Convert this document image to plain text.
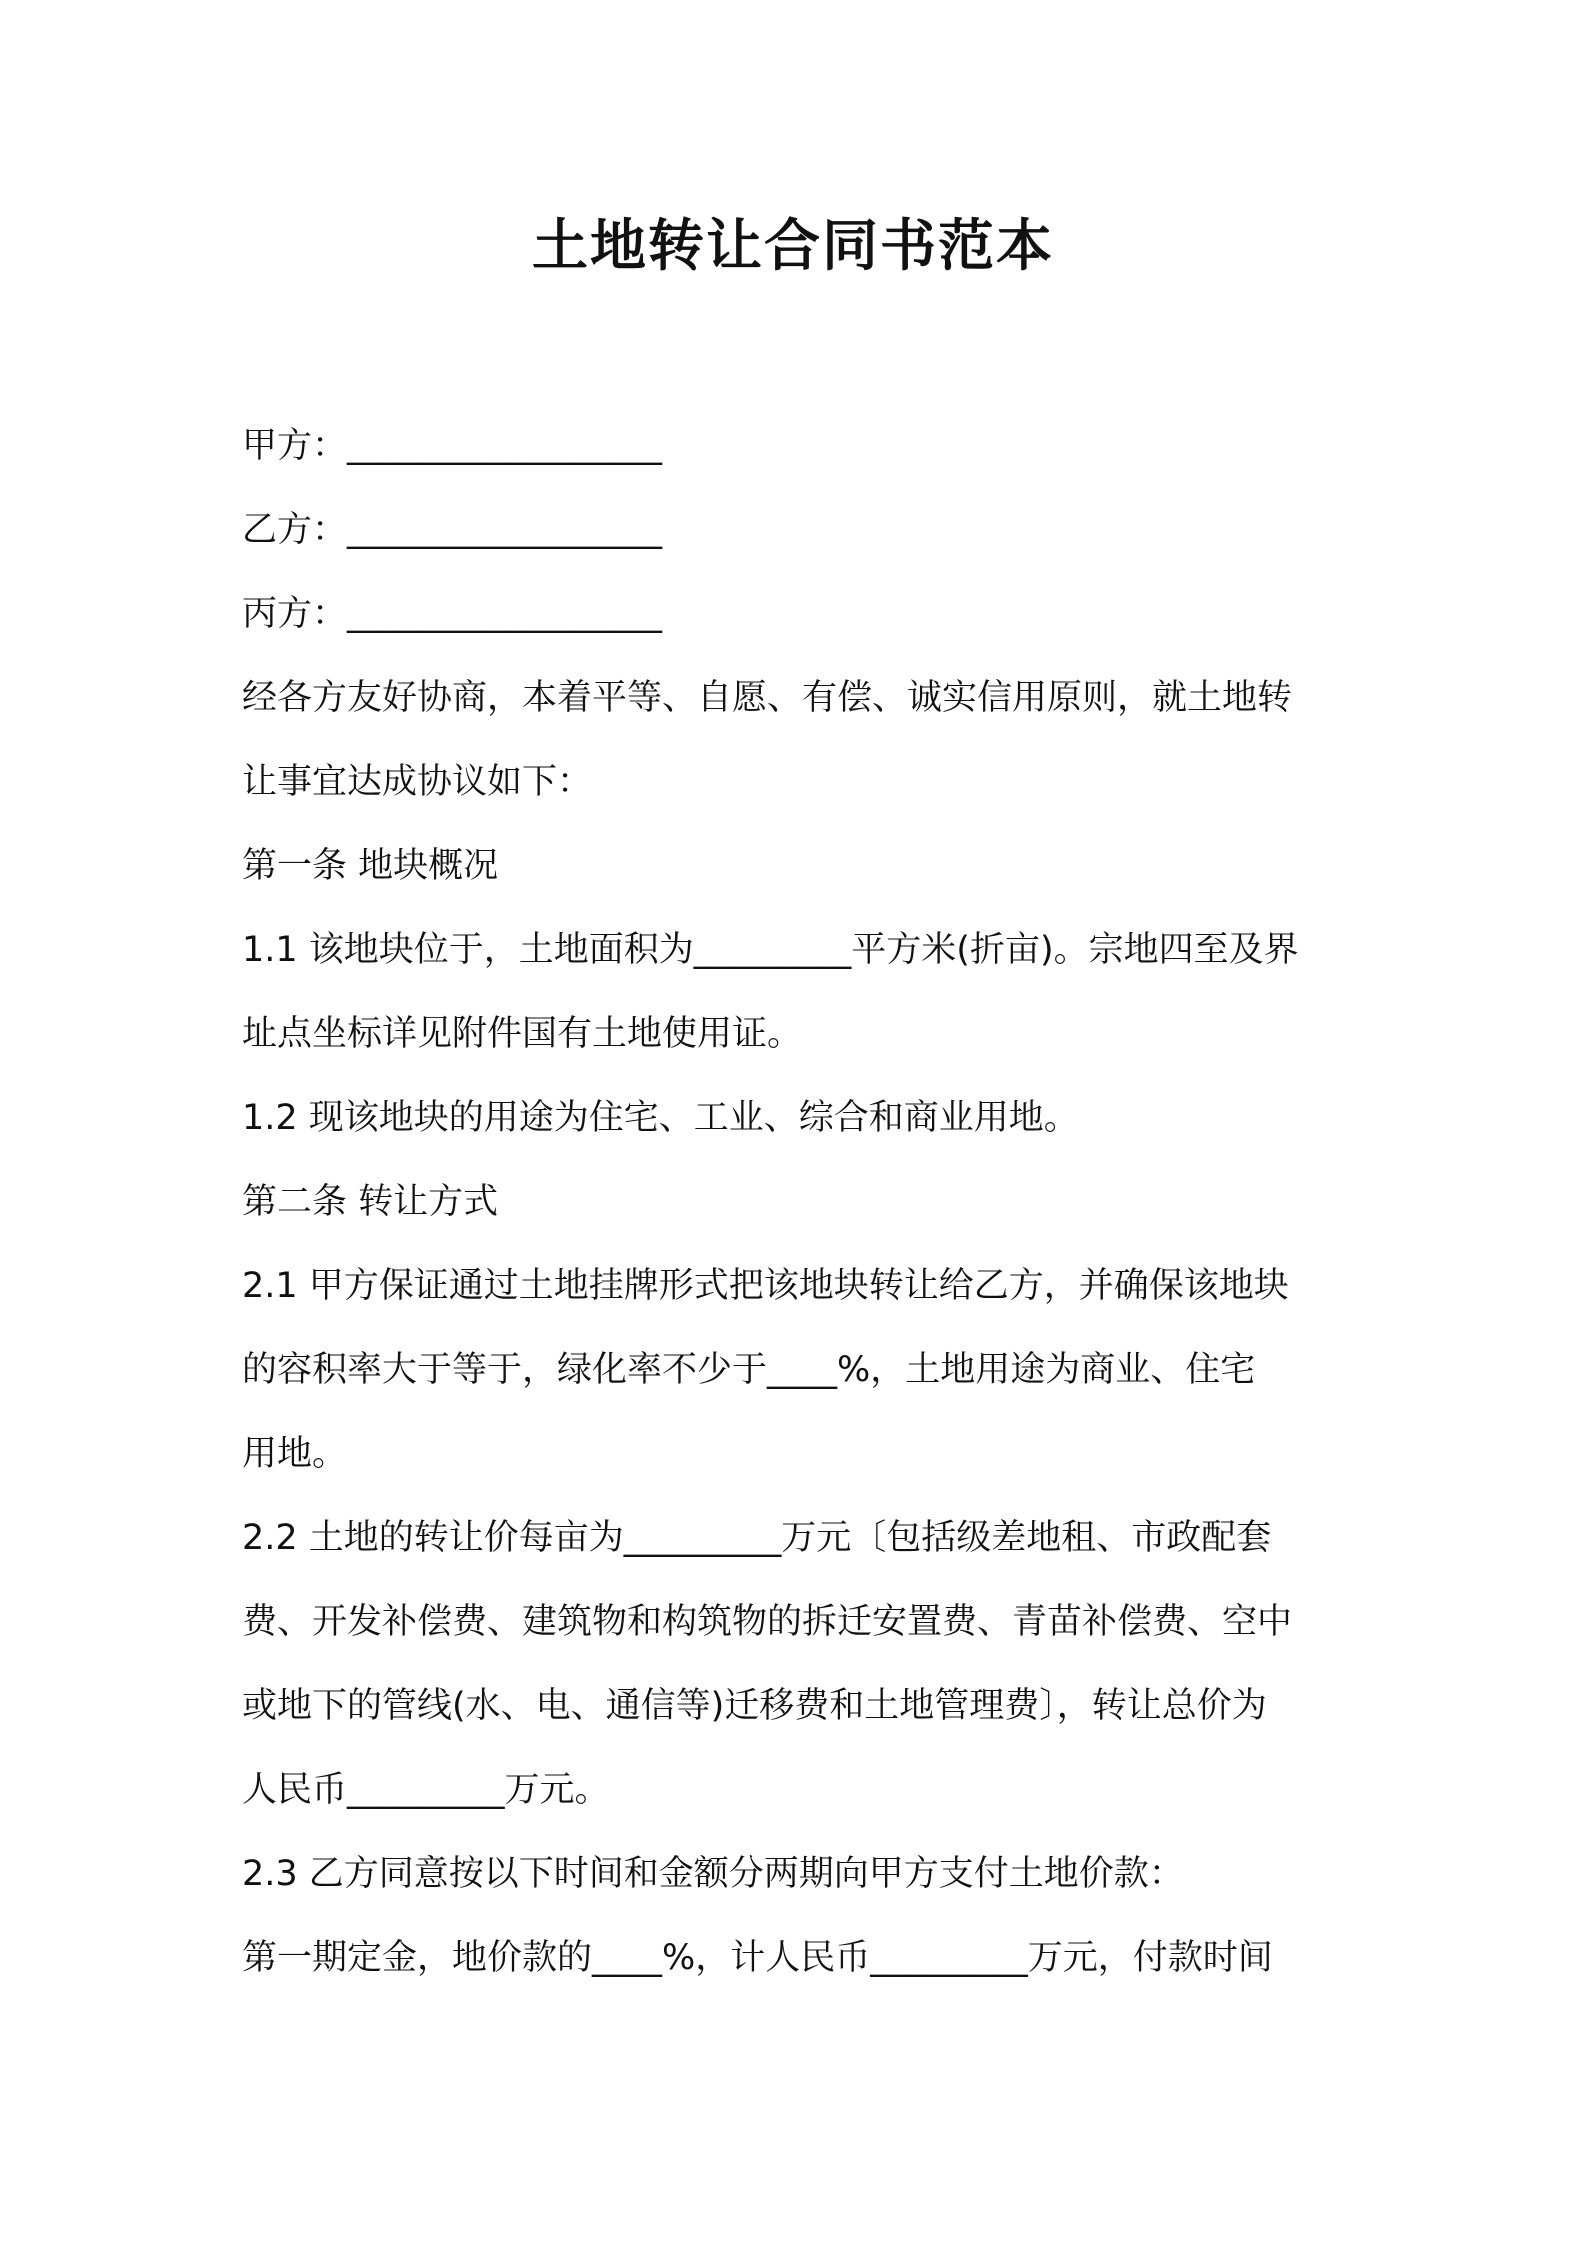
土地转让合同书范本
甲方：__________________
乙方：__________________
丙方：__________________
经各方友好协商，本着平等、自愿、有偿、诚实信用原则，就土地转
让事宜达成协议如下：
第一条 地块概况
1.1 该地块位于，土地面积为_________平方米(折亩)。宗地四至及界
址点坐标详见附件国有土地使用证。
1.2 现该地块的用途为住宅、工业、综合和商业用地。
第二条 转让方式
2.1 甲方保证通过土地挂牌形式把该地块转让给乙方，并确保该地块
的容积率大于等于，绿化率不少于____%，土地用途为商业、住宅
用地。
2.2 土地的转让价每亩为_________万元〔包括级差地租、市政配套
费、开发补偿费、建筑物和构筑物的拆迁安置费、青苗补偿费、空中
或地下的管线(水、电、通信等)迁移费和土地管理费〕，转让总价为
人民币_________万元。
2.3 乙方同意按以下时间和金额分两期向甲方支付土地价款：
第一期定金，地价款的____%，计人民币_________万元，付款时间
